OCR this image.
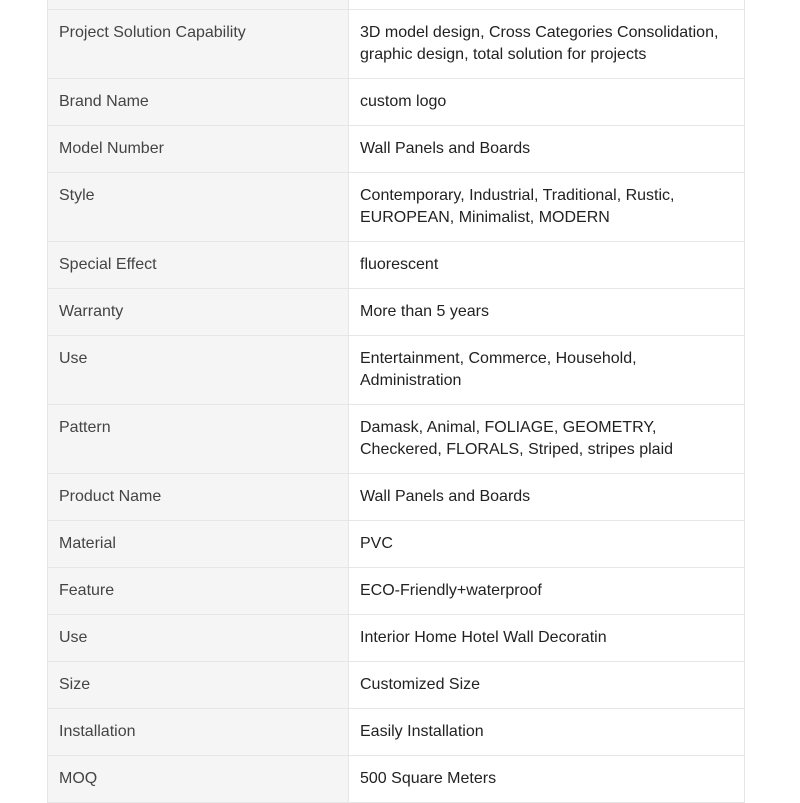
Project Solution Capability	3D model design, Cross Categories Consolidation, graphic design, total solution for projects
Brand Name	custom logo
Model Number	Wall Panels and Boards
Style	Contemporary, Industrial, Traditional, Rustic, EUROPEAN, Minimalist, MODERN
Special Effect	fluorescent
Warranty	More than 5 years
Use	Entertainment, Commerce, Household, Administration
Pattern	Damask, Animal, FOLIAGE, GEOMETRY, Checkered, FLORALS, Striped, stripes plaid
Product Name	Wall Panels and Boards
Material	PVC
Feature	ECO-Friendly+waterproof
Use	Interior Home Hotel Wall Decoratin
Size	Customized Size
Installation	Easily Installation
MOQ	500 Square Meters
